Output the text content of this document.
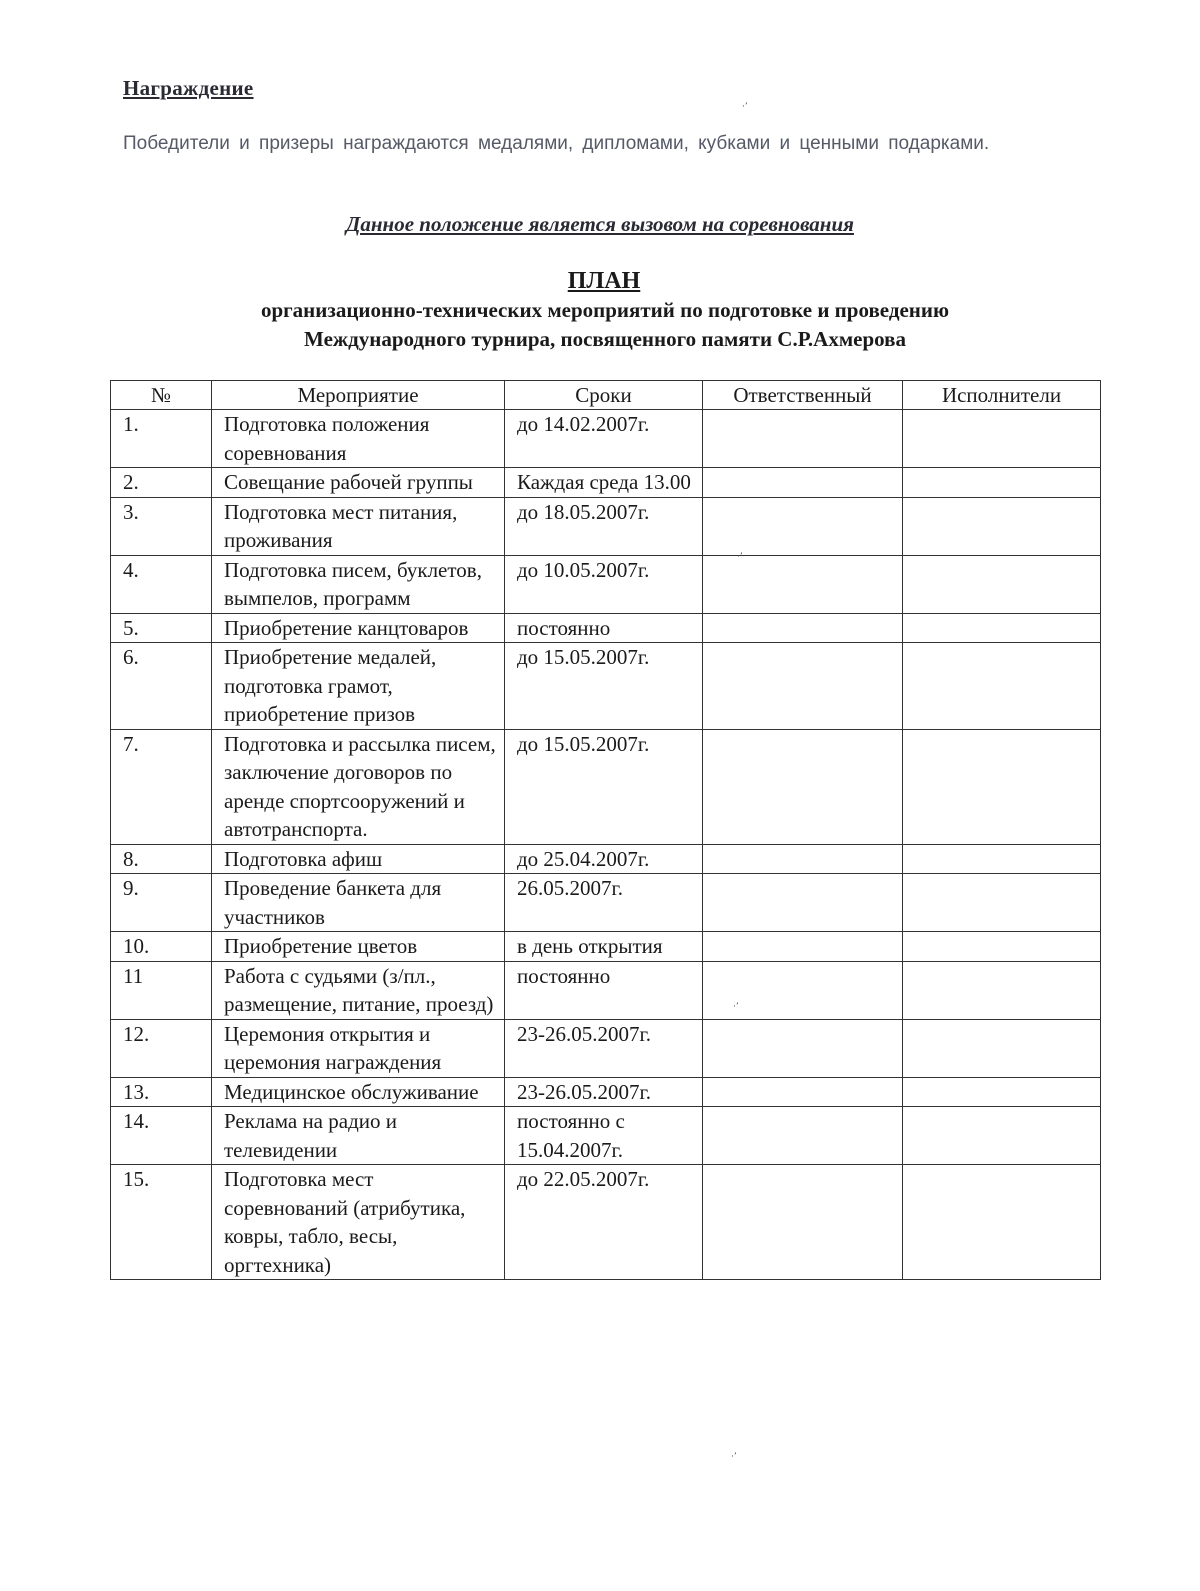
Награждение
Победители и призеры награждаются медалями, дипломами, кубками и ценными подарками.
Данное положение является вызовом на соревнования
ПЛАН
организационно-технических мероприятий по подготовке и проведению
Международного турнира, посвященного памяти С.Р.Ахмерова
№	Мероприятие	Сроки	Ответственный	Исполнители
1.	Подготовка положения соревнования	до 14.02.2007г.		
2.	Совещание рабочей группы	Каждая среда 13.00		
3.	Подготовка мест питания, проживания	до 18.05.2007г.		
4.	Подготовка писем, буклетов, вымпелов, программ	до 10.05.2007г.		
5.	Приобретение канцтоваров	постоянно		
6.	Приобретение медалей, подготовка грамот, приобретение призов	до 15.05.2007г.		
7.	Подготовка и рассылка писем, заключение договоров по аренде спортсооружений и автотранспорта.	до 15.05.2007г.		
8.	Подготовка афиш	до 25.04.2007г.		
9.	Проведение банкета для участников	26.05.2007г.		
10.	Приобретение цветов	в день открытия		
11	Работа с судьями (з/пл., размещение, питание, проезд)	постоянно		
12.	Церемония открытия и церемония награждения	23-26.05.2007г.		
13.	Медицинское обслуживание	23-26.05.2007г.		
14.	Реклама на радио и телевидении	постоянно с 15.04.2007г.		
15.	Подготовка мест соревнований (атрибутика, ковры, табло, весы, оргтехника)	до 22.05.2007г.		
·’
·’
·’
·’
